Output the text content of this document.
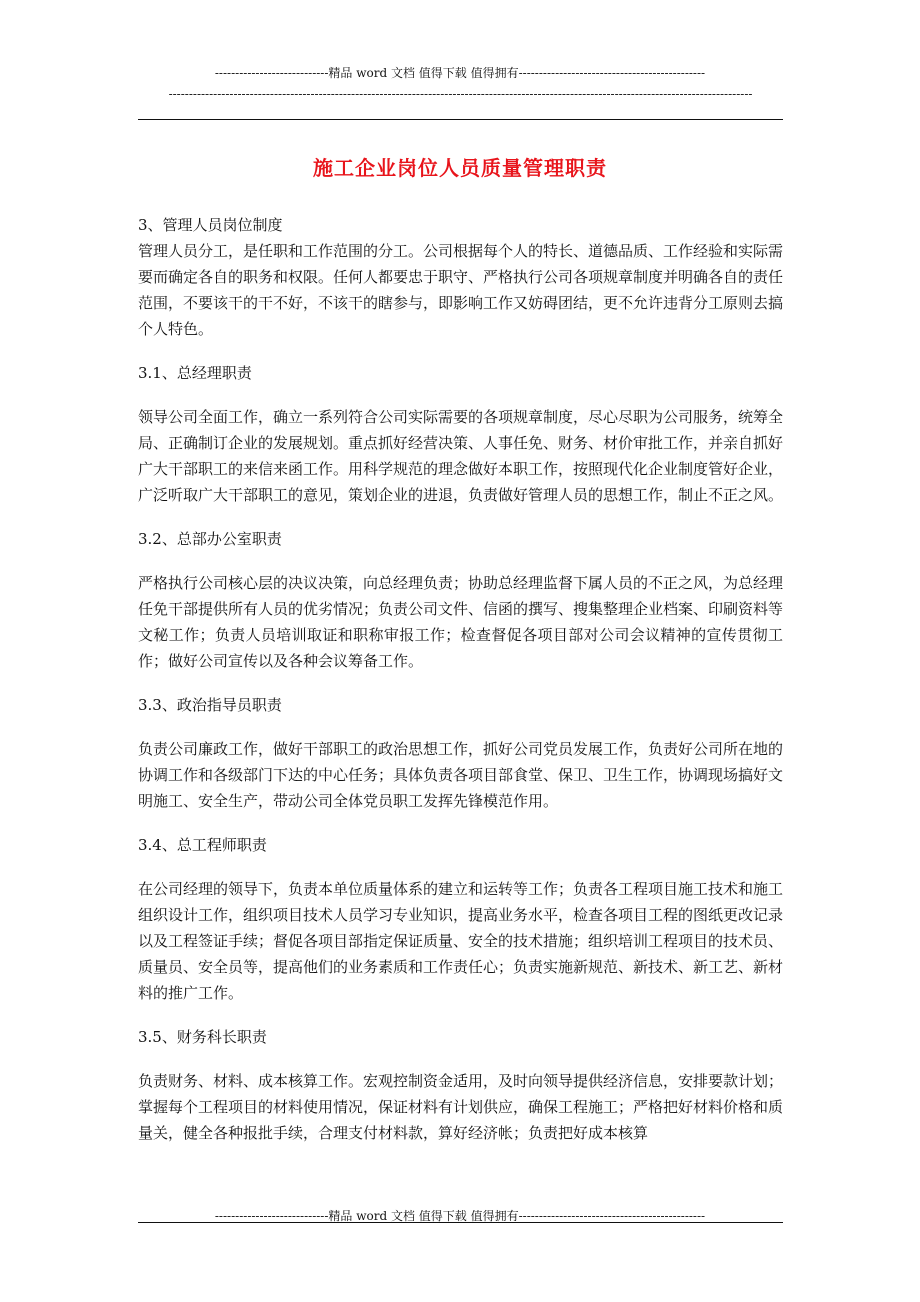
----------------------------精品 word 文档 值得下载 值得拥有----------------------------------------------
------------------------------------------------------------------------------------------------------------------------------------------------
施工企业岗位人员质量管理职责

3、管理人员岗位制度

管理人员分工，是任职和工作范围的分工。公司根据每个人的特长、道德品质、工作经验和实际需要而确定各自的职务和权限。任何人都要忠于职守、严格执行公司各项规章制度并明确各自的责任范围，不要该干的干不好，不该干的瞎参与，即影响工作又妨碍团结，更不允许违背分工原则去搞个人特色。

3.1、总经理职责

领导公司全面工作，确立一系列符合公司实际需要的各项规章制度，尽心尽职为公司服务，统筹全局、正确制订企业的发展规划。重点抓好经营决策、人事任免、财务、材价审批工作，并亲自抓好广大干部职工的来信来函工作。用科学规范的理念做好本职工作，按照现代化企业制度管好企业，广泛听取广大干部职工的意见，策划企业的进退，负责做好管理人员的思想工作，制止不正之风。

3.2、总部办公室职责

严格执行公司核心层的决议决策，向总经理负责；协助总经理监督下属人员的不正之风，为总经理任免干部提供所有人员的优劣情况；负责公司文件、信函的撰写、搜集整理企业档案、印刷资料等文秘工作；负责人员培训取证和职称审报工作；检查督促各项目部对公司会议精神的宣传贯彻工作；做好公司宣传以及各种会议筹备工作。

3.3、政治指导员职责

负责公司廉政工作，做好干部职工的政治思想工作，抓好公司党员发展工作，负责好公司所在地的协调工作和各级部门下达的中心任务；具体负责各项目部食堂、保卫、卫生工作，协调现场搞好文明施工、安全生产，带动公司全体党员职工发挥先锋模范作用。

3.4、总工程师职责

在公司经理的领导下，负责本单位质量体系的建立和运转等工作；负责各工程项目施工技术和施工组织设计工作，组织项目技术人员学习专业知识，提高业务水平，检查各项目工程的图纸更改记录以及工程签证手续；督促各项目部指定保证质量、安全的技术措施；组织培训工程项目的技术员、质量员、安全员等，提高他们的业务素质和工作责任心；负责实施新规范、新技术、新工艺、新材料的推广工作。

3.5、财务科长职责

负责财务、材料、成本核算工作。宏观控制资金适用，及时向领导提供经济信息，安排要款计划；掌握每个工程项目的材料使用情况，保证材料有计划供应，确保工程施工；严格把好材料价格和质量关，健全各种报批手续，合理支付材料款，算好经济帐；负责把好成本核算

----------------------------精品 word 文档 值得下载 值得拥有----------------------------------------------
